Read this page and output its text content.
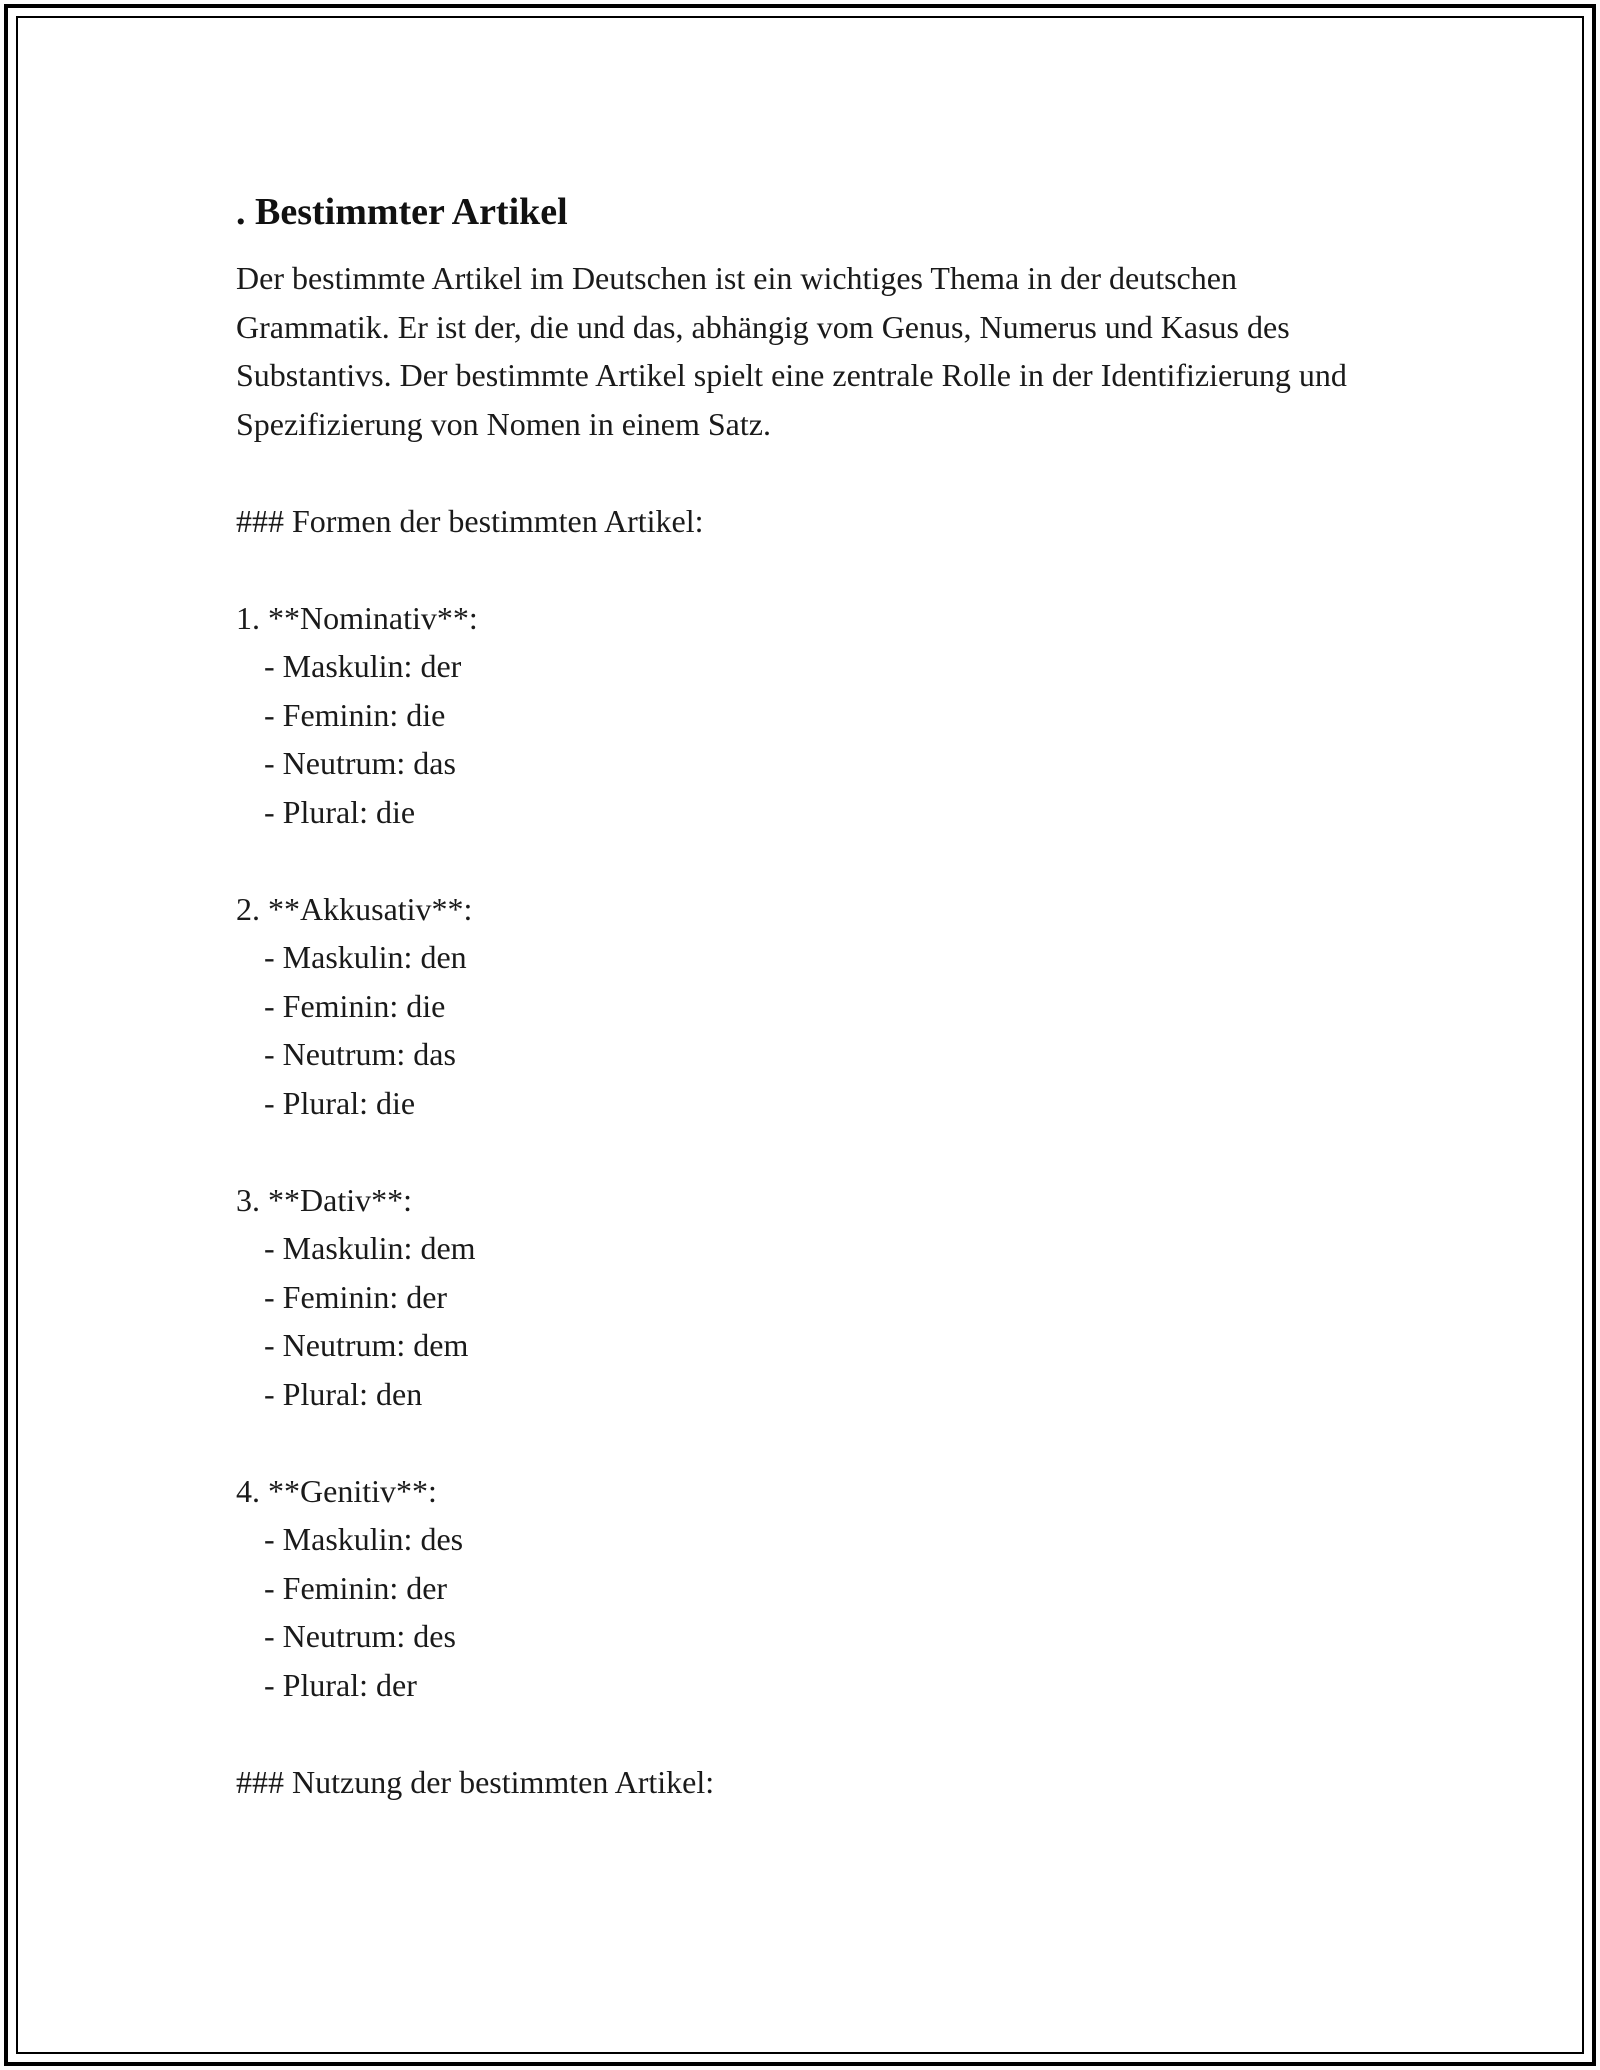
. Bestimmter Artikel

Der bestimmte Artikel im Deutschen ist ein wichtiges Thema in der deutschen Grammatik. Er ist der, die und das, abhängig vom Genus, Numerus und Kasus des Substantivs. Der bestimmte Artikel spielt eine zentrale Rolle in der Identifizierung und Spezifizierung von Nomen in einem Satz.

### Formen der bestimmten Artikel:

1. **Nominativ**:

- Maskulin: der

- Feminin: die

- Neutrum: das

- Plural: die

2. **Akkusativ**:

- Maskulin: den

- Feminin: die

- Neutrum: das

- Plural: die

3. **Dativ**:

- Maskulin: dem

- Feminin: der

- Neutrum: dem

- Plural: den

4. **Genitiv**:

- Maskulin: des

- Feminin: der

- Neutrum: des

- Plural: der

### Nutzung der bestimmten Artikel:
